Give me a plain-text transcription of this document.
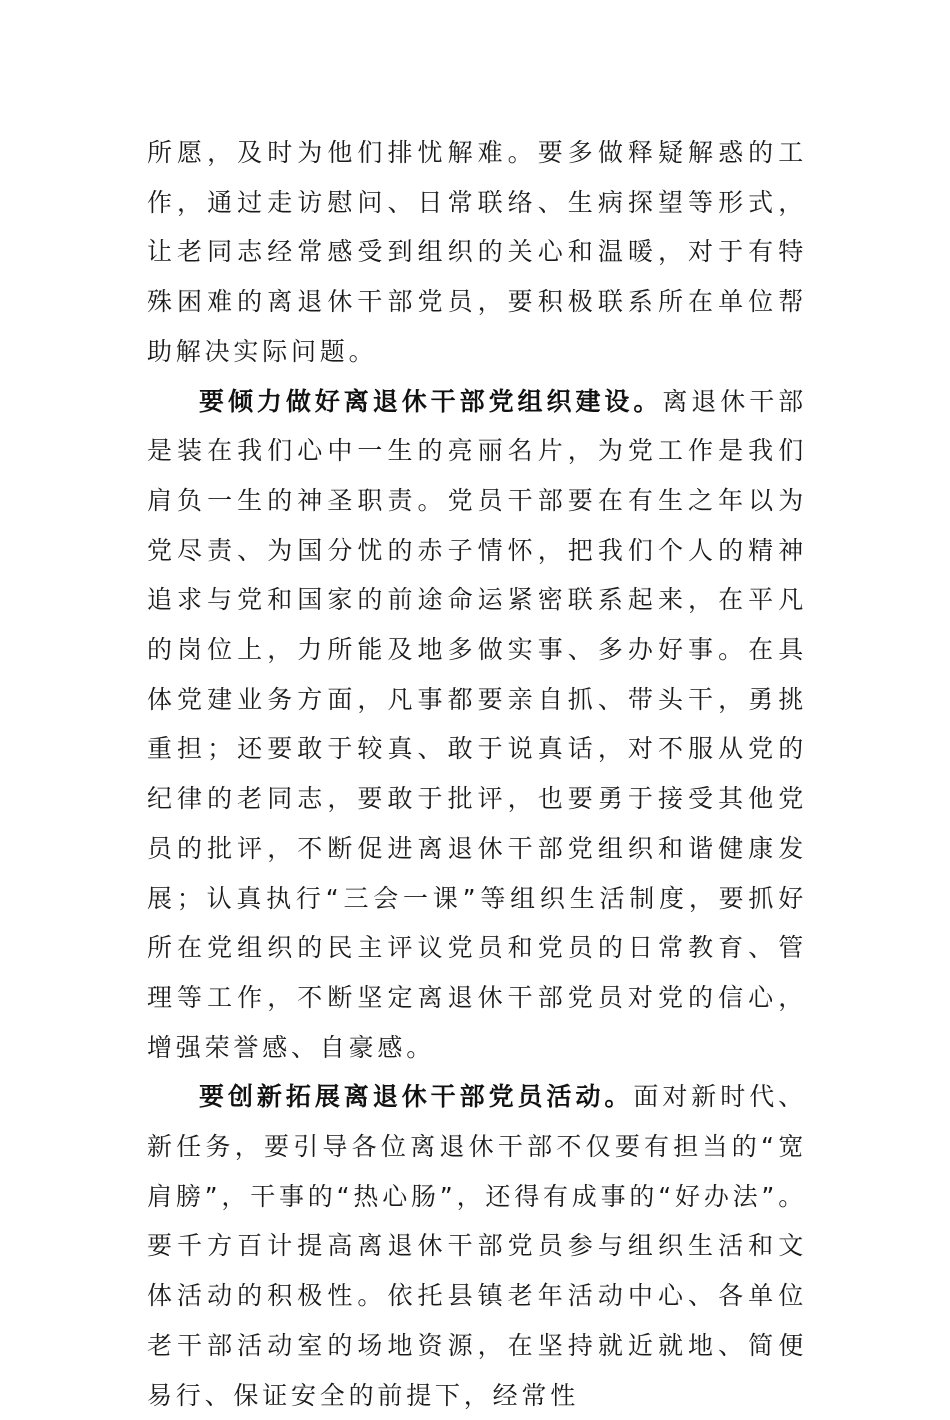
所愿，及时为他们排忧解难。要多做释疑解惑的工作，通过走访慰问、日常联络、生病探望等形式，让老同志经常感受到组织的关心和温暖，对于有特殊困难的离退休干部党员，要积极联系所在单位帮助解决实际问题。

要倾力做好离退休干部党组织建设。离退休干部是装在我们心中一生的亮丽名片，为党工作是我们肩负一生的神圣职责。党员干部要在有生之年以为党尽责、为国分忧的赤子情怀，把我们个人的精神追求与党和国家的前途命运紧密联系起来，在平凡的岗位上，力所能及地多做实事、多办好事。在具体党建业务方面，凡事都要亲自抓、带头干，勇挑重担；还要敢于较真、敢于说真话，对不服从党的纪律的老同志，要敢于批评，也要勇于接受其他党员的批评，不断促进离退休干部党组织和谐健康发展；认真执行“三会一课”等组织生活制度，要抓好所在党组织的民主评议党员和党员的日常教育、管理等工作，不断坚定离退休干部党员对党的信心，增强荣誉感、自豪感。

要创新拓展离退休干部党员活动。面对新时代、新任务，要引导各位离退休干部不仅要有担当的“宽肩膀”，干事的“热心肠”，还得有成事的“好办法”。要千方百计提高离退休干部党员参与组织生活和文体活动的积极性。依托县镇老年活动中心、各单位老干部活动室的场地资源，在坚持就近就地、简便易行、保证安全的前提下，经常性
